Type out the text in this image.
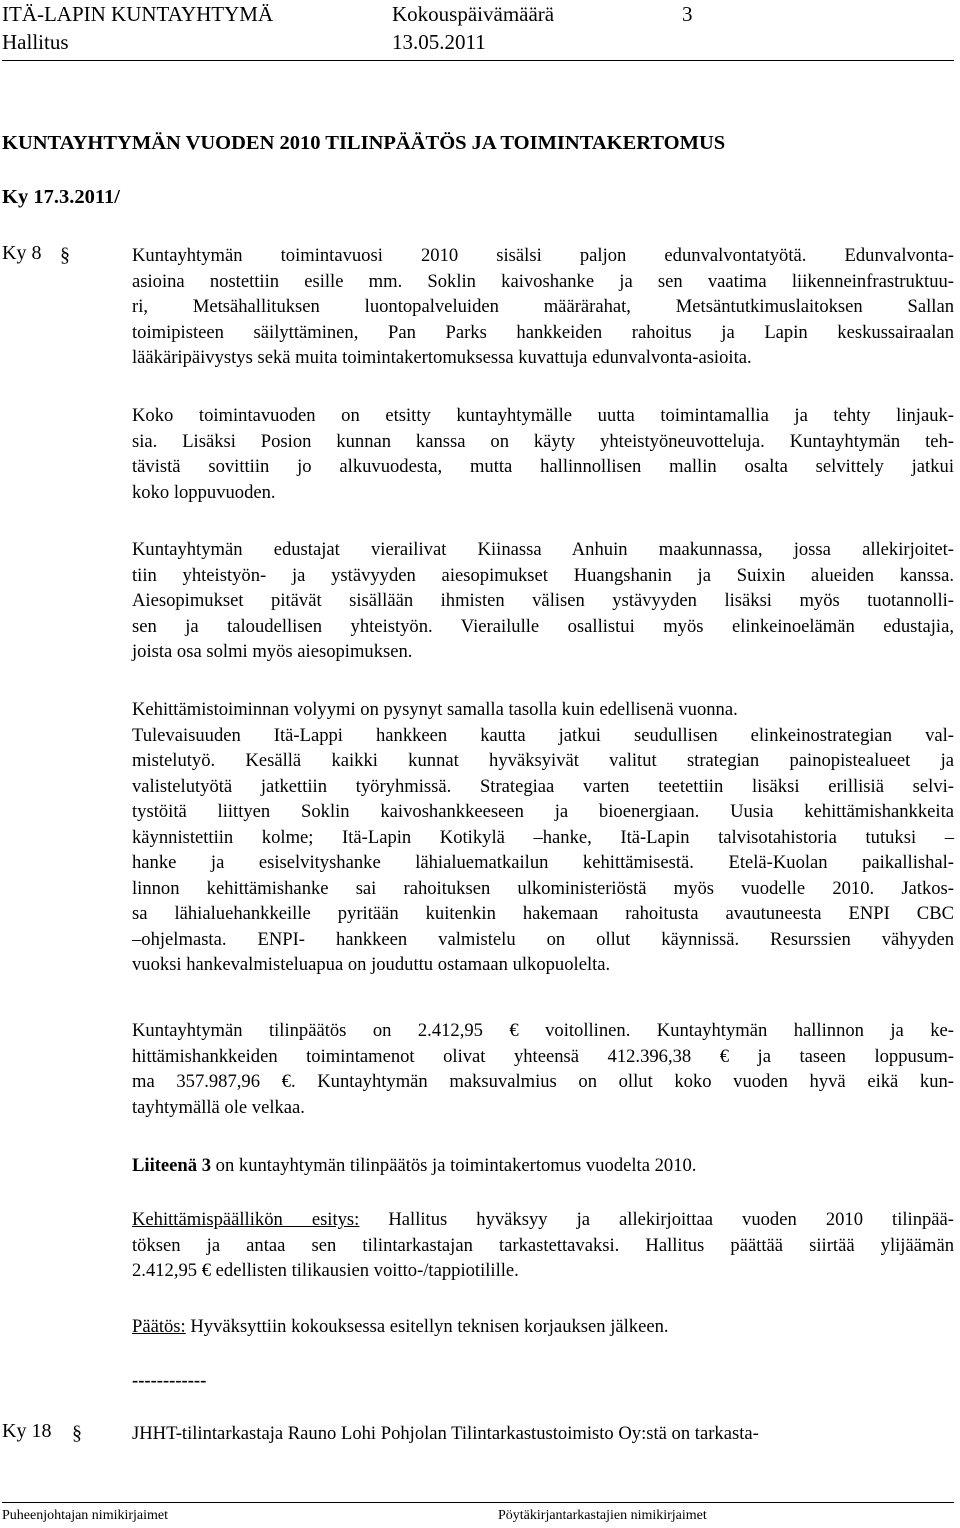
ITÄ-LAPIN KUNTAYHTYMÄ	Kokouspäivämäärä	3
Hallitus	13.05.2011
KUNTAYHTYMÄN VUODEN 2010 TILINPÄÄTÖS JA TOIMINTAKERTOMUS
Ky 17.3.2011/
Ky 8 §	Kuntayhtymän toimintavuosi 2010 sisälsi paljon edunvalvontatyötä. Edunvalvonta-
asioina nostettiin esille mm. Soklin kaivoshanke ja sen vaatima liikenneinfrastruktuu-
ri, Metsähallituksen luontopalveluiden määrärahat, Metsäntutkimuslaitoksen Sallan
toimipisteen säilyttäminen, Pan Parks hankkeiden rahoitus ja Lapin keskussairaalan
lääkäripäivystys sekä muita toimintakertomuksessa kuvattuja edunvalvonta-asioita.
Koko toimintavuoden on etsitty kuntayhtymälle uutta toimintamallia ja tehty linjauk-
sia. Lisäksi Posion kunnan kanssa on käyty yhteistyöneuvotteluja. Kuntayhtymän teh-
tävistä sovittiin jo alkuvuodesta, mutta hallinnollisen mallin osalta selvittely jatkui
koko loppuvuoden.
Kuntayhtymän edustajat vierailivat Kiinassa Anhuin maakunnassa, jossa allekirjoitet-
tiin yhteistyön- ja ystävyyden aiesopimukset Huangshanin ja Suixin alueiden kanssa.
Aiesopimukset pitävät sisällään ihmisten välisen ystävyyden lisäksi myös tuotannolli-
sen ja taloudellisen yhteistyön. Vierailulle osallistui myös elinkeinoelämän edustajia,
joista osa solmi myös aiesopimuksen.
Kehittämistoiminnan volyymi on pysynyt samalla tasolla kuin edellisenä vuonna.
Tulevaisuuden Itä-Lappi hankkeen kautta jatkui seudullisen elinkeinostrategian val-
mistelutyö. Kesällä kaikki kunnat hyväksyivät valitut strategian painopistealueet ja
valistelutyötä jatkettiin työryhmissä. Strategiaa varten teetettiin lisäksi erillisiä selvi-
tystöitä liittyen Soklin kaivoshankkeeseen ja bioenergiaan. Uusia kehittämishankkeita
käynnistettiin kolme; Itä-Lapin Kotikylä –hanke, Itä-Lapin talvisotahistoria tutuksi –
hanke ja esiselvityshanke lähialuematkailun kehittämisestä. Etelä-Kuolan paikallishal-
linnon kehittämishanke sai rahoituksen ulkoministeriöstä myös vuodelle 2010. Jatkos-
sa lähialuehankkeille pyritään kuitenkin hakemaan rahoitusta avautuneesta ENPI CBC
–ohjelmasta. ENPI- hankkeen valmistelu on ollut käynnissä. Resurssien vähyyden
vuoksi hankevalmisteluapua on jouduttu ostamaan ulkopuolelta.
Kuntayhtymän tilinpäätös on 2.412,95 € voitollinen. Kuntayhtymän hallinnon ja ke-
hittämishankkeiden toimintamenot olivat yhteensä 412.396,38 € ja taseen loppusum-
ma 357.987,96 €. Kuntayhtymän maksuvalmius on ollut koko vuoden hyvä eikä kun-
tayhtymällä ole velkaa.
Liiteenä 3 on kuntayhtymän tilinpäätös ja toimintakertomus vuodelta 2010.
Kehittämispäällikön esitys: Hallitus hyväksyy ja allekirjoittaa vuoden 2010 tilinpää-
töksen ja antaa sen tilintarkastajan tarkastettavaksi. Hallitus päättää siirtää ylijäämän
2.412,95 € edellisten tilikausien voitto-/tappiotilille.
Päätös: Hyväksyttiin kokouksessa esitellyn teknisen korjauksen jälkeen.
------------
Ky 18 §	JHHT-tilintarkastaja Rauno Lohi Pohjolan Tilintarkastustoimisto Oy:stä on tarkasta-
Puheenjohtajan nimikirjaimet	Pöytäkirjantarkastajien nimikirjaimet
